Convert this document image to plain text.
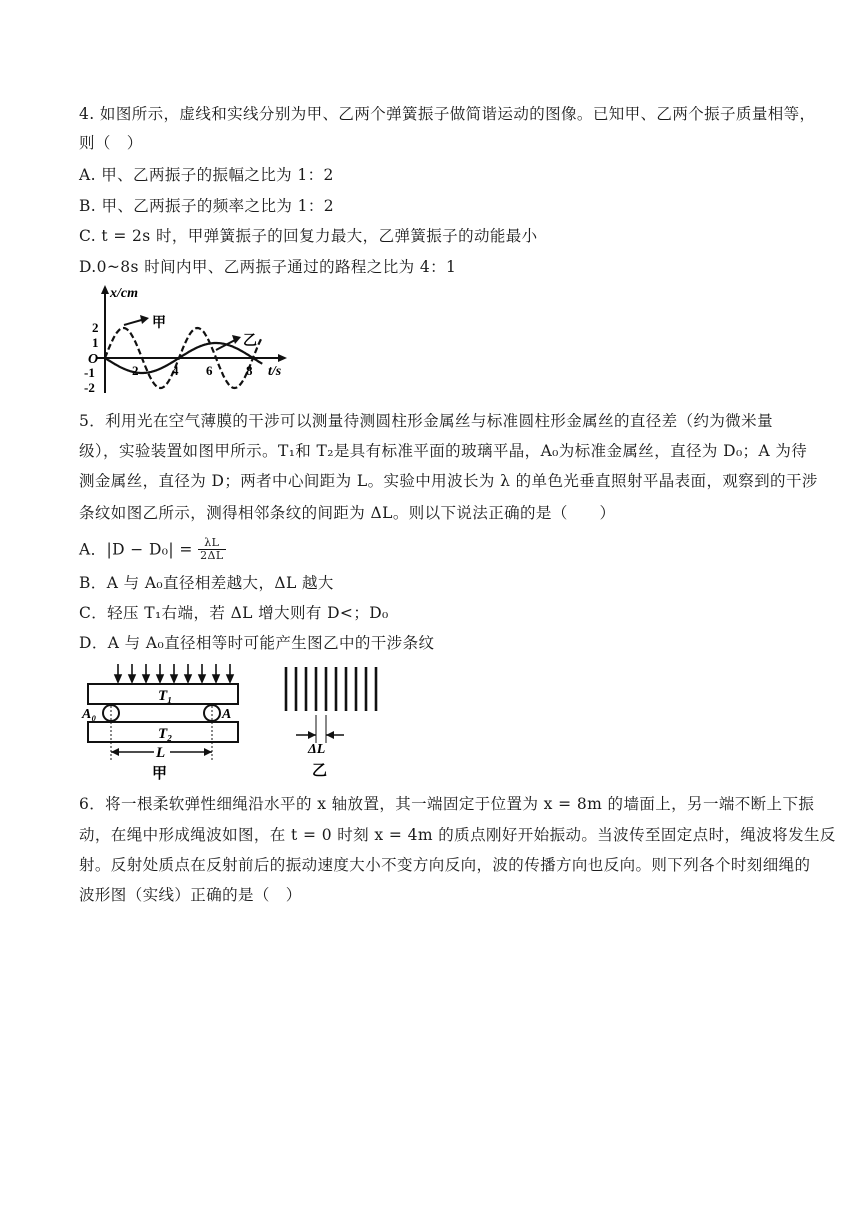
4. 如图所示，虚线和实线分别为甲、乙两个弹簧振子做简谐运动的图像。已知甲、乙两个振子质量相等，
则（　）
A. 甲、乙两振子的振幅之比为 1：2
B. 甲、乙两振子的频率之比为 1：2
C. t = 2s 时，甲弹簧振子的回复力最大，乙弹簧振子的动能最小
D.0~8s 时间内甲、乙两振子通过的路程之比为 4：1
x/cm
t/s
O
2
1
-1
-2
2	4 6	8
甲
乙
5．利用光在空气薄膜的干涉可以测量待测圆柱形金属丝与标准圆柱形金属丝的直径差（约为微米量
级），实验装置如图甲所示。T₁和 T₂是具有标准平面的玻璃平晶，A₀为标准金属丝，直径为 D₀；A 为待
测金属丝，直径为 D；两者中心间距为 L。实验中用波长为 λ 的单色光垂直照射平晶表面，观察到的干涉
条纹如图乙所示，测得相邻条纹的间距为 ΔL。则以下说法正确的是（　　）
A．$|D - D_0| = \frac{\lambda L}{2\Delta L}$
B．A 与 A₀直径相差越大，ΔL 越大
C．轻压 T₁右端，若 ΔL 增大则有 D<；D₀
D．A 与 A₀直径相等时可能产生图乙中的干涉条纹
T₁
T₂
A₀	A
L
甲
ΔL
乙
6．将一根柔软弹性细绳沿水平的 x 轴放置，其一端固定于位置为 x = 8m 的墙面上，另一端不断上下振
动，在绳中形成绳波如图，在 t = 0 时刻 x = 4m 的质点刚好开始振动。当波传至固定点时，绳波将发生反
射。反射处质点在反射前后的振动速度大小不变方向反向，波的传播方向也反向。则下列各个时刻细绳的
波形图（实线）正确的是（　）
